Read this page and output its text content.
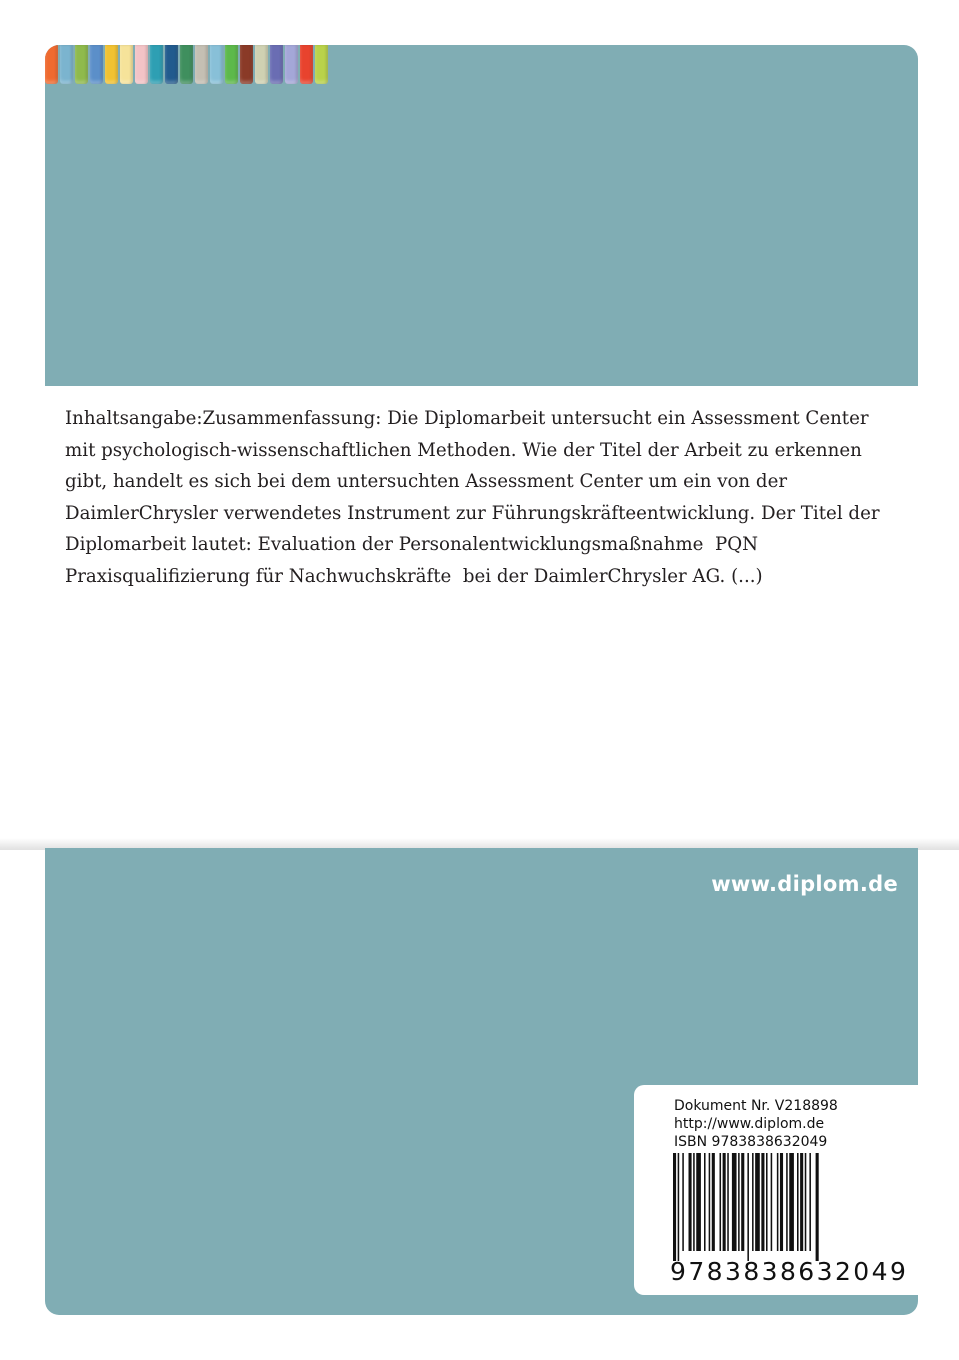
Inhaltsangabe:Zusammenfassung: Die Diplomarbeit untersucht ein Assessment Center
mit psychologisch-wissenschaftlichen Methoden. Wie der Titel der Arbeit zu erkennen
gibt, handelt es sich bei dem untersuchten Assessment Center um ein von der
DaimlerChrysler verwendetes Instrument zur Führungskräfteentwicklung. Der Titel der
Diplomarbeit lautet: Evaluation der Personalentwicklungsmaßnahme  PQN
Praxisqualifizierung für Nachwuchskräfte  bei der DaimlerChrysler AG. (...)
www.diplom.de
Dokument Nr. V218898
http://www.diplom.de
ISBN 9783838632049
9 7 8 3 8 3 8 6 3 2 0 4 9
